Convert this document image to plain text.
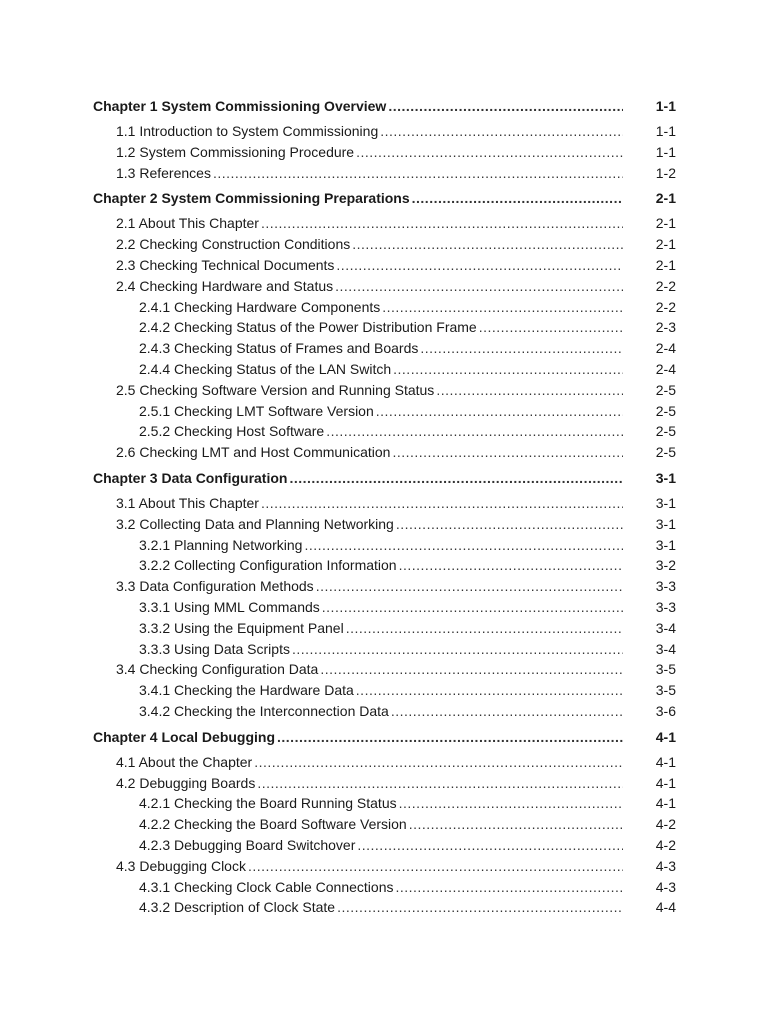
Chapter 1 System Commissioning Overview .....	1-1
1.1 Introduction to System Commissioning .....	1-1
1.2 System Commissioning Procedure .....	1-1
1.3 References .....	1-2
Chapter 2 System Commissioning Preparations .....	2-1
2.1 About This Chapter .....	2-1
2.2 Checking Construction Conditions .....	2-1
2.3 Checking Technical Documents .....	2-1
2.4 Checking Hardware and Status .....	2-2
2.4.1 Checking Hardware Components .....	2-2
2.4.2 Checking Status of the Power Distribution Frame .....	2-3
2.4.3 Checking Status of Frames and Boards .....	2-4
2.4.4 Checking Status of the LAN Switch .....	2-4
2.5 Checking Software Version and Running Status .....	2-5
2.5.1 Checking LMT Software Version .....	2-5
2.5.2 Checking Host Software .....	2-5
2.6 Checking LMT and Host Communication .....	2-5
Chapter 3 Data Configuration .....	3-1
3.1 About This Chapter .....	3-1
3.2 Collecting Data and Planning Networking .....	3-1
3.2.1 Planning Networking .....	3-1
3.2.2 Collecting Configuration Information .....	3-2
3.3 Data Configuration Methods .....	3-3
3.3.1 Using MML Commands .....	3-3
3.3.2 Using the Equipment Panel .....	3-4
3.3.3 Using Data Scripts .....	3-4
3.4 Checking Configuration Data .....	3-5
3.4.1 Checking the Hardware Data .....	3-5
3.4.2 Checking the Interconnection Data .....	3-6
Chapter 4 Local Debugging .....	4-1
4.1 About the Chapter .....	4-1
4.2 Debugging Boards .....	4-1
4.2.1 Checking the Board Running Status .....	4-1
4.2.2 Checking the Board Software Version .....	4-2
4.2.3 Debugging Board Switchover .....	4-2
4.3 Debugging Clock .....	4-3
4.3.1 Checking Clock Cable Connections .....	4-3
4.3.2 Description of Clock State .....	4-4
